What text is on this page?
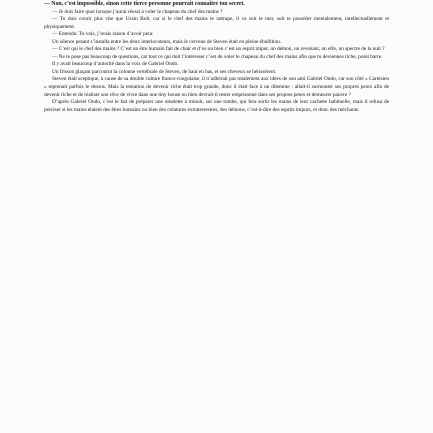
— Non, c’est impossible, sinon cette tierce personne pourrait connaître ton secret.

— Je dois faire quoi lorsque j’aurai réussi à voler le chapeau du chef des mains ?

— Tu dois courir plus vite que Ussin Bolt, car si le chef des mains te rattrape, il va soit te tuer, soit te posséder mentalement, intellectuellement et physiquement.

— Entendu. Tu vois, j’avais raison d’avoir peur.

Un silence pesant s’installa entre les deux interlocuteurs, mais le cerveau de Steven était en pleine ébullition.

— C’est qui le chef des mains ? C’est un être humain fait de chair et d’os ou bien c’est un esprit impur, un démon, un revenant, un elfe, un spectre de la nuit ?

— Ne te pose pas beaucoup de questions, car tout ce qui doit t’intéresser c’est de voler le chapeau du chef des mains afin que tu deviennes riche, point barre.

Il y avait beaucoup d’autorité dans la voix de Gabriel Ondo.

Un frisson glaçant parcourut la colonne vertébrale de Steven, de haut en bas, et ses cheveux se hérissèrent.

Steven était sceptique, à cause de sa double culture franco-congolaise, il n’adhérait pas totalement aux idées de son ami Gabriel Ondo, car son côté « Cartésien » reprenait parfois le dessus. Mais la tentation de devenir riche était trop grande, donc il était face à un dilemme : allait-il surmonter ses propres peurs afin de devenir riche et de réaliser son rêve de vivre dans une tiny house ou bien devrait-il rester emprisonné dans ses propres peurs et demeurer pauvre ?

D’après Gabriel Ondo, c’est le fait de préparer une omelette à minuit, sur une tombe, qui fera sortir les mains de leur cachette habituelle, mais il refusa de préciser si les mains étaient des êtres humains ou bien des créatures extraterrestres, des démons, c’est-à-dire des esprits impurs, et donc des méchants.
